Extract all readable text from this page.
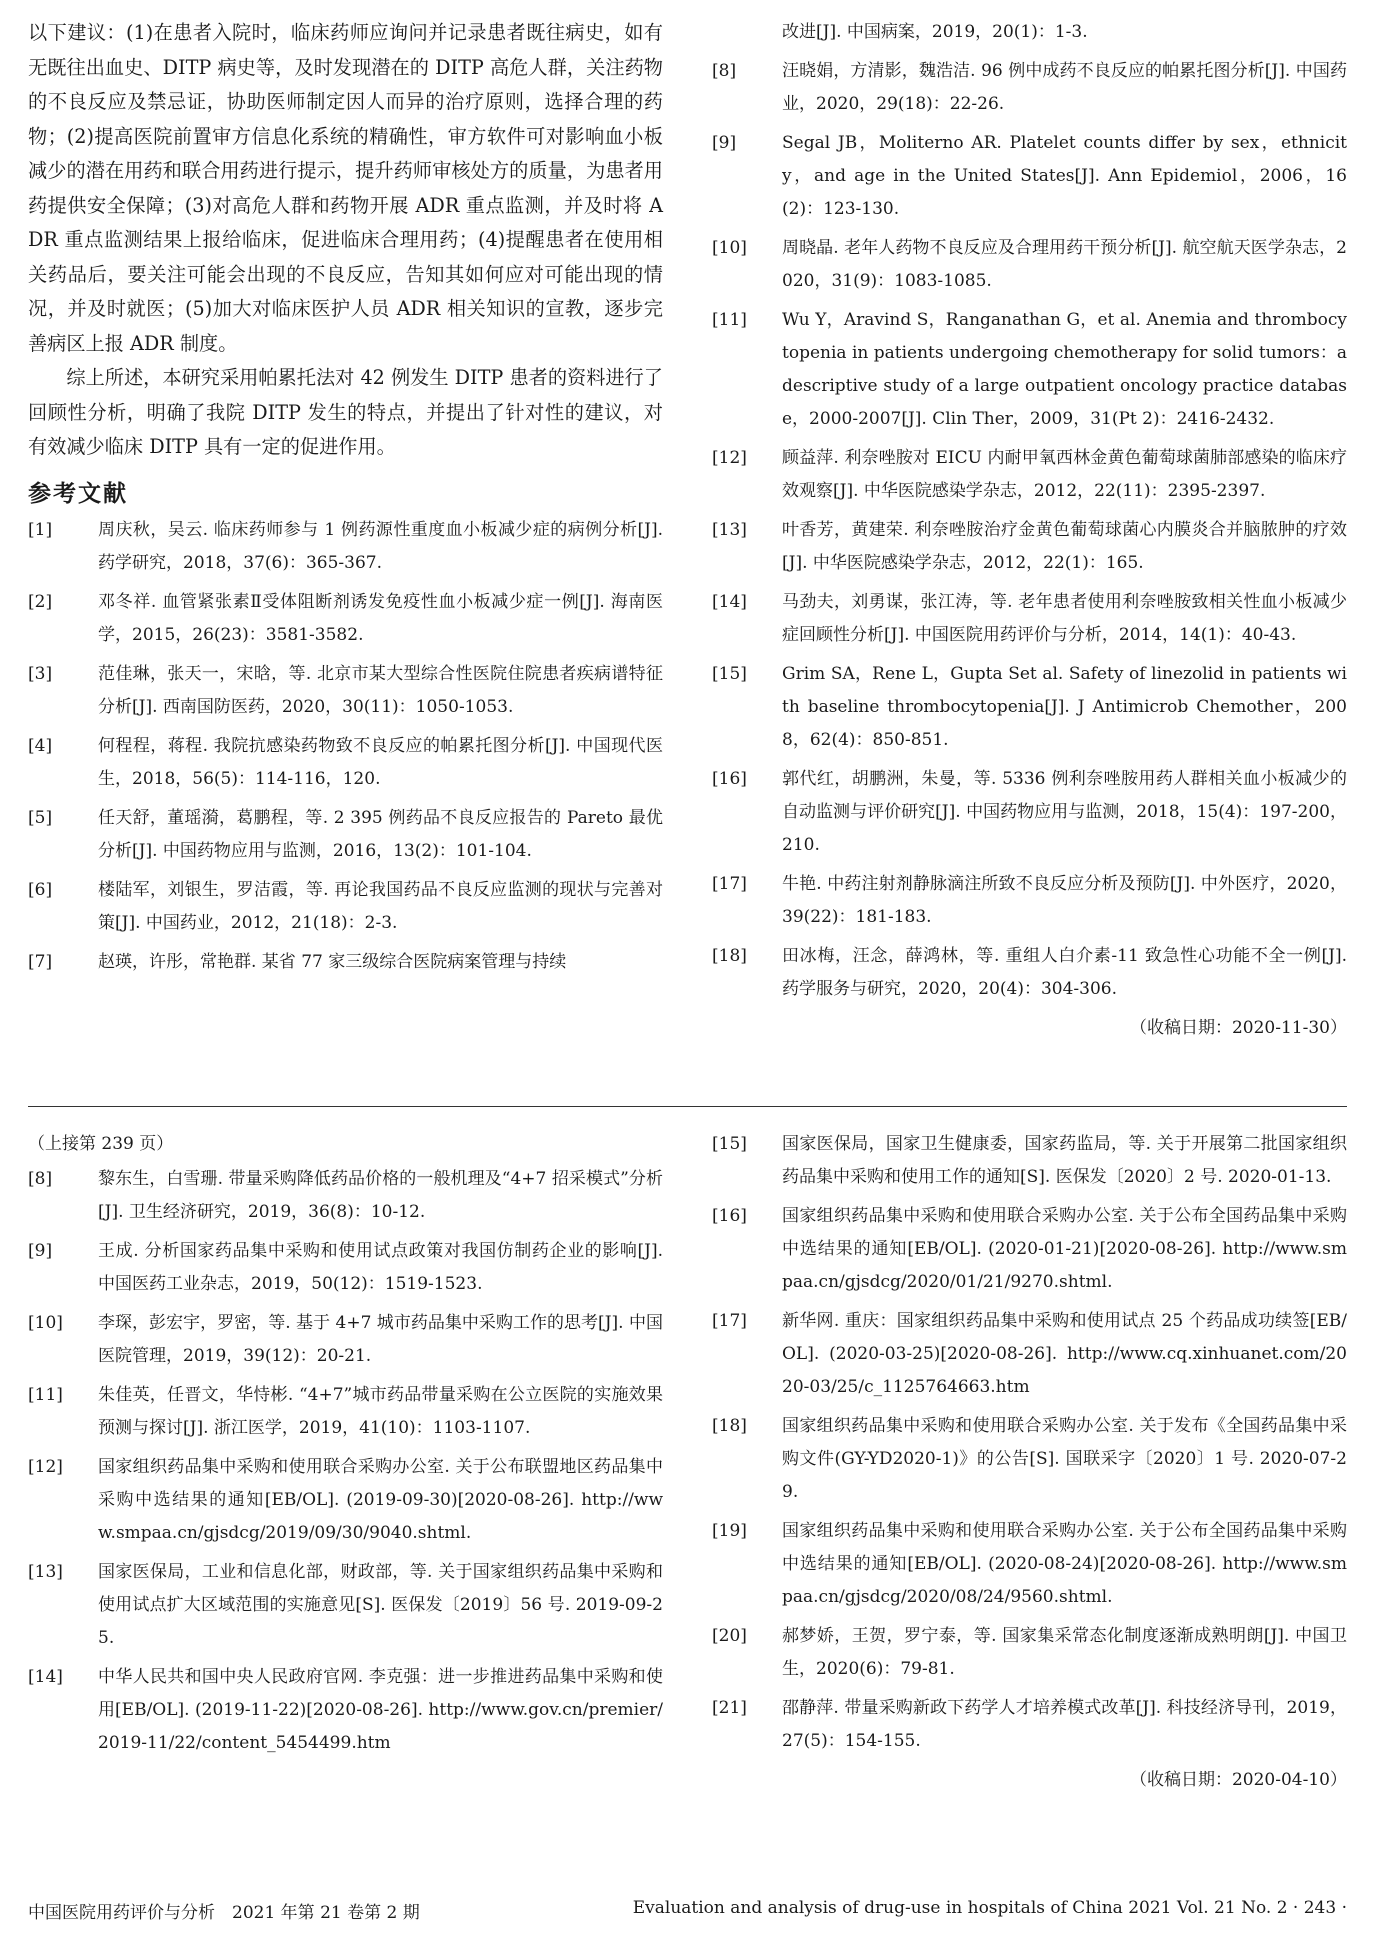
以下建议：(1)在患者入院时，临床药师应询问并记录患者既往病史，如有无既往出血史、DITP 病史等，及时发现潜在的 DITP 高危人群，关注药物的不良反应及禁忌证，协助医师制定因人而异的治疗原则，选择合理的药物；(2)提高医院前置审方信息化系统的精确性，审方软件可对影响血小板减少的潜在用药和联合用药进行提示，提升药师审核处方的质量，为患者用药提供安全保障；(3)对高危人群和药物开展 ADR 重点监测，并及时将 ADR 重点监测结果上报给临床，促进临床合理用药；(4)提醒患者在使用相关药品后，要关注可能会出现的不良反应，告知其如何应对可能出现的情况，并及时就医；(5)加大对临床医护人员 ADR 相关知识的宣教，逐步完善病区上报 ADR 制度。

综上所述，本研究采用帕累托法对 42 例发生 DITP 患者的资料进行了回顾性分析，明确了我院 DITP 发生的特点，并提出了针对性的建议，对有效减少临床 DITP 具有一定的促进作用。

参考文献
[1]	周庆秋，吴云. 临床药师参与 1 例药源性重度血小板减少症的病例分析[J]. 药学研究，2018，37(6)：365-367.
[2]	邓冬祥. 血管紧张素Ⅱ受体阻断剂诱发免疫性血小板减少症一例[J]. 海南医学，2015，26(23)：3581-3582.
[3]	范佳琳，张天一，宋晗，等. 北京市某大型综合性医院住院患者疾病谱特征分析[J]. 西南国防医药，2020，30(11)：1050-1053.
[4]	何程程，蒋程. 我院抗感染药物致不良反应的帕累托图分析[J]. 中国现代医生，2018，56(5)：114-116，120.
[5]	任天舒，董瑶漪，葛鹏程，等. 2 395 例药品不良反应报告的 Pareto 最优分析[J]. 中国药物应用与监测，2016，13(2)：101-104.
[6]	楼陆军，刘银生，罗洁霞，等. 再论我国药品不良反应监测的现状与完善对策[J]. 中国药业，2012，21(18)：2-3.
[7]	赵瑛，许彤，常艳群. 某省 77 家三级综合医院病案管理与持续
改进[J]. 中国病案，2019，20(1)：1-3.
[8]	汪晓娟，方清影，魏浩洁. 96 例中成药不良反应的帕累托图分析[J]. 中国药业，2020，29(18)：22-26.
[9]	Segal JB，Moliterno AR. Platelet counts differ by sex，ethnicity，and age in the United States[J]. Ann Epidemiol，2006，16(2)：123-130.
[10]	周晓晶. 老年人药物不良反应及合理用药干预分析[J]. 航空航天医学杂志，2020，31(9)：1083-1085.
[11]	Wu Y，Aravind S，Ranganathan G，et al. Anemia and thrombocytopenia in patients undergoing chemotherapy for solid tumors：a descriptive study of a large outpatient oncology practice database，2000-2007[J]. Clin Ther，2009，31(Pt 2)：2416-2432.
[12]	顾益萍. 利奈唑胺对 EICU 内耐甲氧西林金黄色葡萄球菌肺部感染的临床疗效观察[J]. 中华医院感染学杂志，2012，22(11)：2395-2397.
[13]	叶香芳，黄建荣. 利奈唑胺治疗金黄色葡萄球菌心内膜炎合并脑脓肿的疗效[J]. 中华医院感染学杂志，2012，22(1)：165.
[14]	马劲夫，刘勇谋，张江涛，等. 老年患者使用利奈唑胺致相关性血小板减少症回顾性分析[J]. 中国医院用药评价与分析，2014，14(1)：40-43.
[15]	Grim SA，Rene L，Gupta Set al. Safety of linezolid in patients with baseline thrombocytopenia[J]. J Antimicrob Chemother，2008，62(4)：850-851.
[16]	郭代红，胡鹏洲，朱曼，等. 5336 例利奈唑胺用药人群相关血小板减少的自动监测与评价研究[J]. 中国药物应用与监测，2018，15(4)：197-200，210.
[17]	牛艳. 中药注射剂静脉滴注所致不良反应分析及预防[J]. 中外医疗，2020，39(22)：181-183.
[18]	田冰梅，汪念，薛鸿林，等. 重组人白介素-11 致急性心功能不全一例[J]. 药学服务与研究，2020，20(4)：304-306.
（收稿日期：2020-11-30）
（上接第 239 页）
[8]	黎东生，白雪珊. 带量采购降低药品价格的一般机理及“4+7 招采模式”分析[J]. 卫生经济研究，2019，36(8)：10-12.
[9]	王成. 分析国家药品集中采购和使用试点政策对我国仿制药企业的影响[J]. 中国医药工业杂志，2019，50(12)：1519-1523.
[10]	李琛，彭宏宇，罗密，等. 基于 4+7 城市药品集中采购工作的思考[J]. 中国医院管理，2019，39(12)：20-21.
[11]	朱佳英，任晋文，华恃彬. “4+7”城市药品带量采购在公立医院的实施效果预测与探讨[J]. 浙江医学，2019，41(10)：1103-1107.
[12]	国家组织药品集中采购和使用联合采购办公室. 关于公布联盟地区药品集中采购中选结果的通知[EB/OL]. (2019-09-30)[2020-08-26]. http://www.smpaa.cn/gjsdcg/2019/09/30/9040.shtml.
[13]	国家医保局，工业和信息化部，财政部，等. 关于国家组织药品集中采购和使用试点扩大区域范围的实施意见[S]. 医保发〔2019〕56 号. 2019-09-25.
[14]	中华人民共和国中央人民政府官网. 李克强：进一步推进药品集中采购和使用[EB/OL]. (2019-11-22)[2020-08-26]. http://www.gov.cn/premier/2019-11/22/content_5454499.htm
[15]	国家医保局，国家卫生健康委，国家药监局，等. 关于开展第二批国家组织药品集中采购和使用工作的通知[S]. 医保发〔2020〕2 号. 2020-01-13.
[16]	国家组织药品集中采购和使用联合采购办公室. 关于公布全国药品集中采购中选结果的通知[EB/OL]. (2020-01-21)[2020-08-26]. http://www.smpaa.cn/gjsdcg/2020/01/21/9270.shtml.
[17]	新华网. 重庆：国家组织药品集中采购和使用试点 25 个药品成功续签[EB/OL]. (2020-03-25)[2020-08-26]. http://www.cq.xinhuanet.com/2020-03/25/c_1125764663.htm
[18]	国家组织药品集中采购和使用联合采购办公室. 关于发布《全国药品集中采购文件(GY-YD2020-1)》的公告[S]. 国联采字〔2020〕1 号. 2020-07-29.
[19]	国家组织药品集中采购和使用联合采购办公室. 关于公布全国药品集中采购中选结果的通知[EB/OL]. (2020-08-24)[2020-08-26]. http://www.smpaa.cn/gjsdcg/2020/08/24/9560.shtml.
[20]	郝梦娇，王贺，罗宁泰，等. 国家集采常态化制度逐渐成熟明朗[J]. 中国卫生，2020(6)：79-81.
[21]	邵静萍. 带量采购新政下药学人才培养模式改革[J]. 科技经济导刊，2019，27(5)：154-155.
（收稿日期：2020-04-10）
中国医院用药评价与分析　2021 年第 21 卷第 2 期	Evaluation and analysis of drug-use in hospitals of China 2021 Vol. 21 No. 2 · 243 ·
